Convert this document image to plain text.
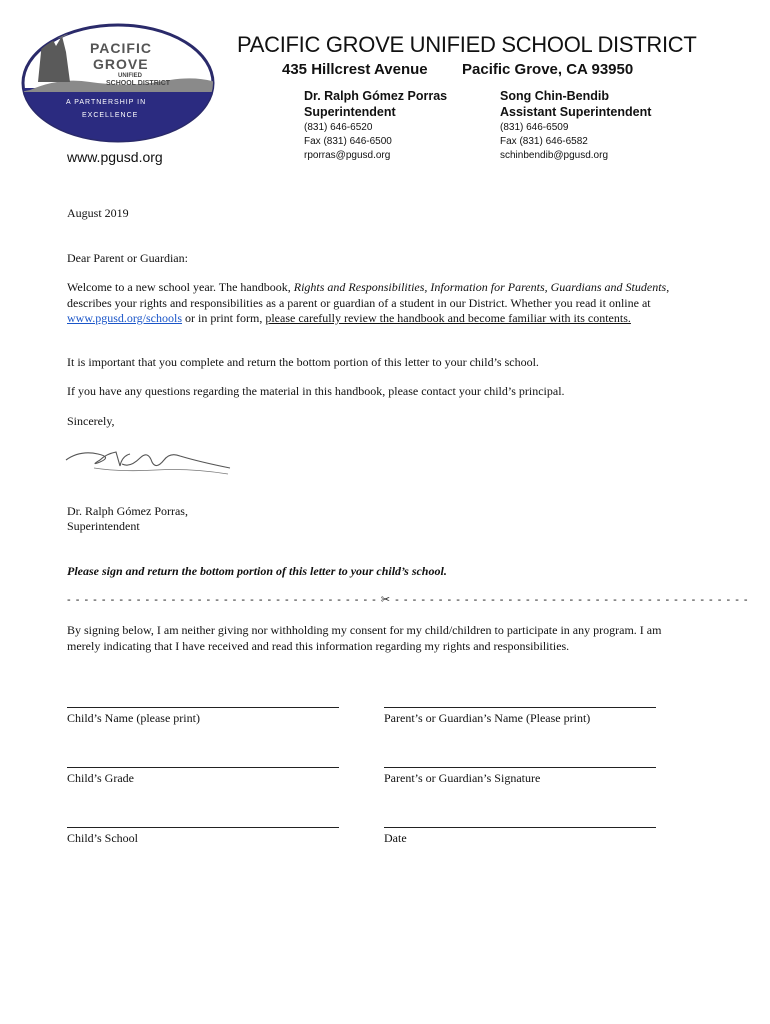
PACIFIC
GROVE
UNIFIED
SCHOOL DISTRICT
A PARTNERSHIP IN
EXCELLENCE
www.pgusd.org
PACIFIC GROVE UNIFIED SCHOOL DISTRICT
435 Hillcrest Avenue Pacific Grove, CA 93950
Dr. Ralph Gómez Porras
Superintendent
(831) 646-6520
Fax (831) 646-6500
rporras@pgusd.org
Song Chin-Bendib
Assistant Superintendent
(831) 646-6509
Fax (831) 646-6582
schinbendib@pgusd.org
August 2019
Dear Parent or Guardian:
Welcome to a new school year. The handbook, Rights and Responsibilities, Information for Parents, Guardians and Students, describes your rights and responsibilities as a parent or guardian of a student in our District. Whether you read it online at www.pgusd.org/schools or in print form, please carefully review the handbook and become familiar with its contents.
It is important that you complete and return the bottom portion of this letter to your child’s school.
If you have any questions regarding the material in this handbook, please contact your child’s principal.
Sincerely,
Dr. Ralph Gómez Porras,
Superintendent
Please sign and return the bottom portion of this letter to your child’s school.
- - - - - - - - - - - - - - - - - - - - - - - - - - - - - - - - - - - - ✂ - - - - - - - - - - - - - - - - - - - - - - - - - - - - - - - - - - - - - - - - -
By signing below, I am neither giving nor withholding my consent for my child/children to participate in any program. I am merely indicating that I have received and read this information regarding my rights and responsibilities.
Child’s Name (please print)	Parent’s or Guardian’s Name (Please print)
Child’s Grade	Parent’s or Guardian’s Signature
Child’s School	Date
